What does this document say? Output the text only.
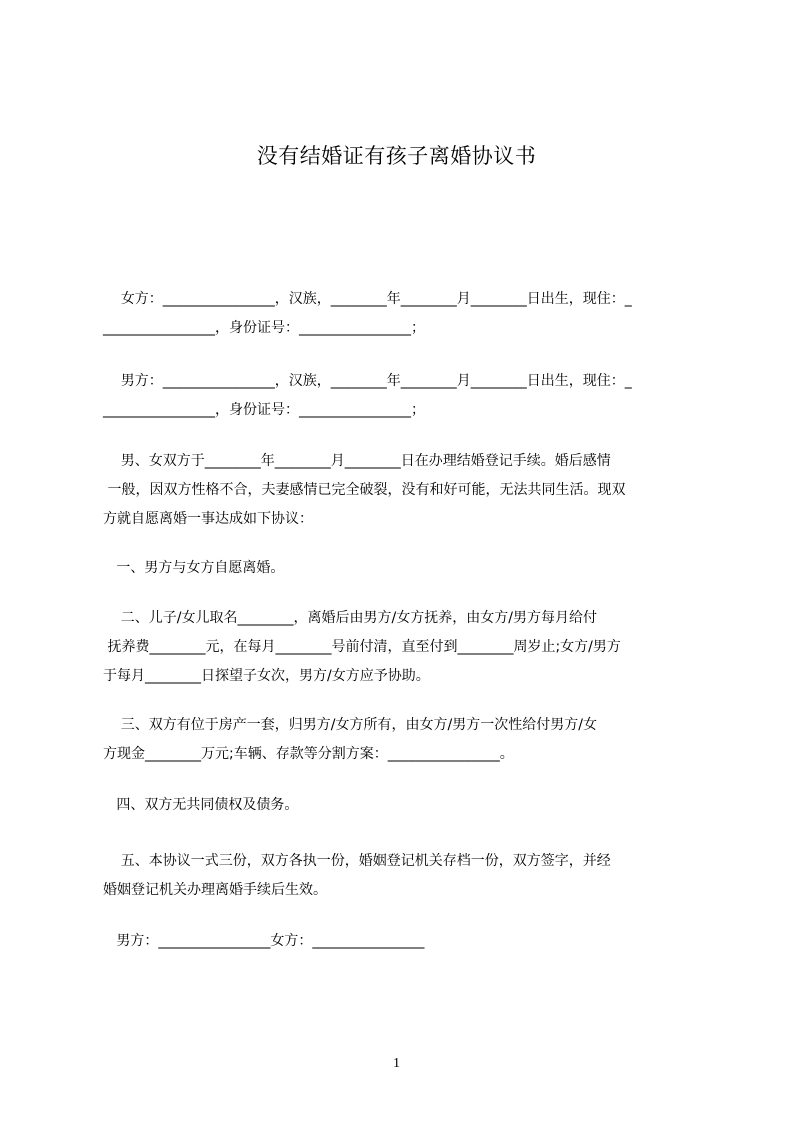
没有结婚证有孩子离婚协议书
女方：________________，汉族，________年________月________日出生，现住：_
________________，身份证号：________________；
男方：________________，汉族，________年________月________日出生，现住：_
________________，身份证号：________________；
男、女双方于________年________月________日在办理结婚登记手续。婚后感情
一般，因双方性格不合，夫妻感情已完全破裂，没有和好可能，无法共同生活。现双
方就自愿离婚一事达成如下协议：
一、男方与女方自愿离婚。
二、儿子/女儿取名________，离婚后由男方/女方抚养，由女方/男方每月给付
抚养费________元，在每月________号前付清，直至付到________周岁止;女方/男方
于每月________日探望子女次，男方/女方应予协助。
三、双方有位于房产一套，归男方/女方所有，由女方/男方一次性给付男方/女
方现金________万元;车辆、存款等分割方案：________________。
四、双方无共同债权及债务。
五、本协议一式三份，双方各执一份，婚姻登记机关存档一份，双方签字，并经
婚姻登记机关办理离婚手续后生效。
男方：________________女方：________________
1
